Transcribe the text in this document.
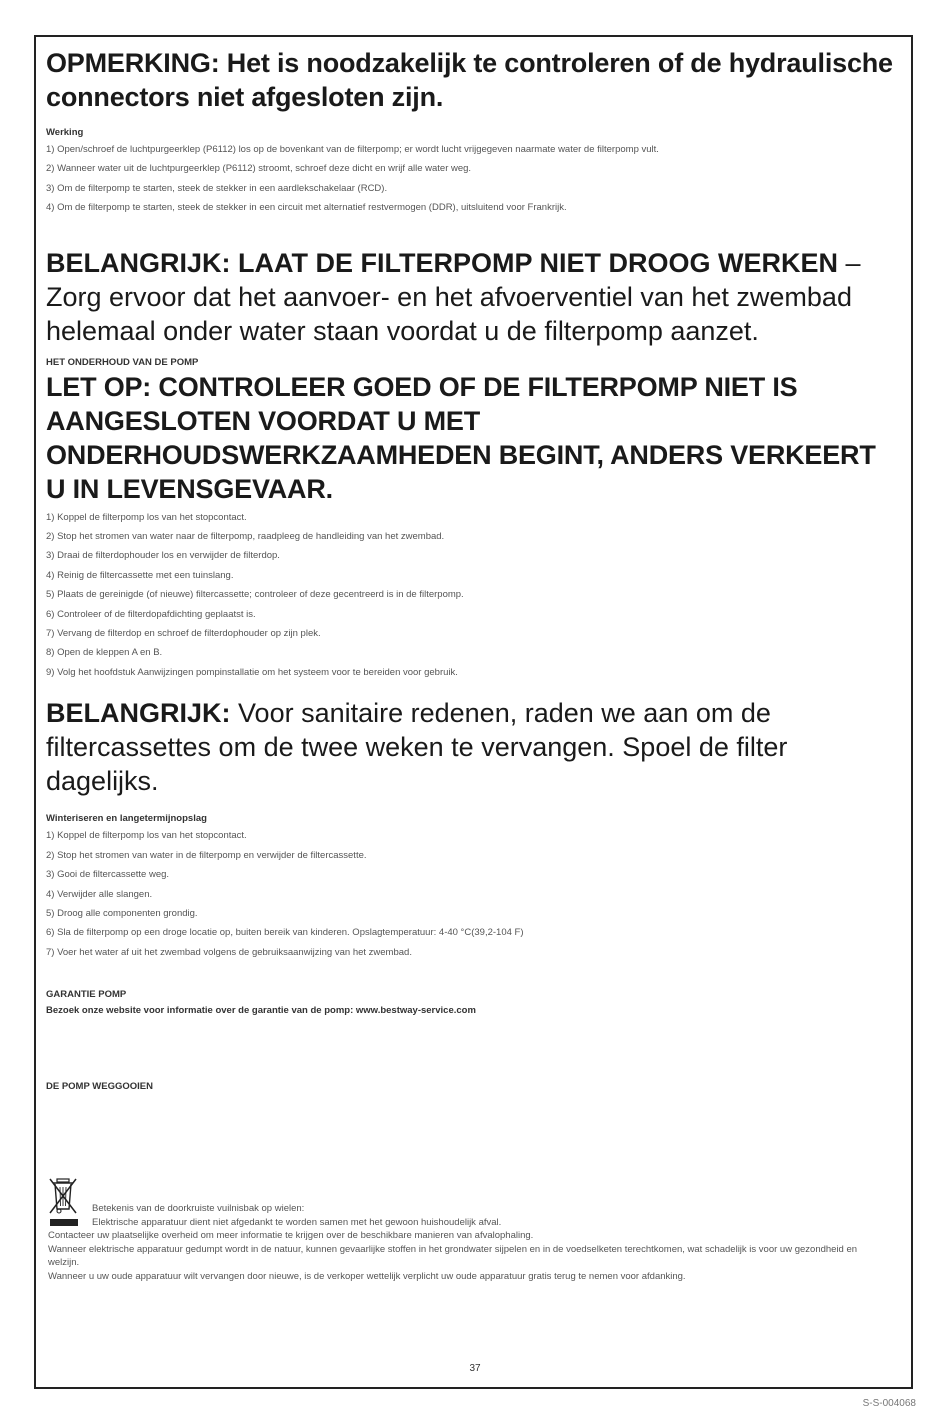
OPMERKING: Het is noodzakelijk te controleren of de hydraulische connectors niet afgesloten zijn.

Werking

1) Open/schroef de luchtpurgeerklep (P6112) los op de bovenkant van de filterpomp; er wordt lucht vrijgegeven naarmate water de filterpomp vult.

2) Wanneer water uit de luchtpurgeerklep (P6112) stroomt, schroef deze dicht en wrijf alle water weg.

3) Om de filterpomp te starten, steek de stekker in een aardlekschakelaar (RCD).

4) Om de filterpomp te starten, steek de stekker in een circuit met alternatief restvermogen (DDR), uitsluitend voor Frankrijk.

BELANGRIJK: LAAT DE FILTERPOMP NIET DROOG WERKEN – Zorg ervoor dat het aanvoer- en het afvoerventiel van het zwembad helemaal onder water staan voordat u de filterpomp aanzet.

HET ONDERHOUD VAN DE POMP

LET OP: CONTROLEER GOED OF DE FILTERPOMP NIET IS AANGESLOTEN VOORDAT U MET ONDERHOUDSWERKZAAMHEDEN BEGINT, ANDERS VERKEERT U IN LEVENSGEVAAR.

1) Koppel de filterpomp los van het stopcontact.

2) Stop het stromen van water naar de filterpomp, raadpleeg de handleiding van het zwembad.

3) Draai de filterdophouder los en verwijder de filterdop.

4) Reinig de filtercassette met een tuinslang.

5) Plaats de gereinigde (of nieuwe) filtercassette; controleer of deze gecentreerd is in de filterpomp.

6) Controleer of de filterdopafdichting geplaatst is.

7) Vervang de filterdop en schroef de filterdophouder op zijn plek.

8) Open de kleppen A en B.

9) Volg het hoofdstuk Aanwijzingen pompinstallatie om het systeem voor te bereiden voor gebruik.

BELANGRIJK: Voor sanitaire redenen, raden we aan om de filtercassettes om de twee weken te vervangen. Spoel de filter dagelijks.

Winteriseren en langetermijnopslag

1) Koppel de filterpomp los van het stopcontact.

2) Stop het stromen van water in de filterpomp en verwijder de filtercassette.

3) Gooi de filtercassette weg.

4) Verwijder alle slangen.

5) Droog alle componenten grondig.

6) Sla de filterpomp op een droge locatie op, buiten bereik van kinderen. Opslagtemperatuur: 4-40 °C(39,2-104 F)

7) Voer het water af uit het zwembad volgens de gebruiksaanwijzing van het zwembad.

GARANTIE POMP

Bezoek onze website voor informatie over de garantie van de pomp: www.bestway-service.com

DE POMP WEGGOOIEN

Betekenis van de doorkruiste vuilnisbak op wielen:

Elektrische apparatuur dient niet afgedankt te worden samen met het gewoon huishoudelijk afval.

Contacteer uw plaatselijke overheid om meer informatie te krijgen over de beschikbare manieren van afvalophaling.
Wanneer elektrische apparatuur gedumpt wordt in de natuur, kunnen gevaarlijke stoffen in het grondwater sijpelen en in de voedselketen terechtkomen, wat schadelijk is voor uw gezondheid en welzijn.
Wanneer u uw oude apparatuur wilt vervangen door nieuwe, is de verkoper wettelijk verplicht uw oude apparatuur gratis terug te nemen voor afdanking.
37
S-S-004068
